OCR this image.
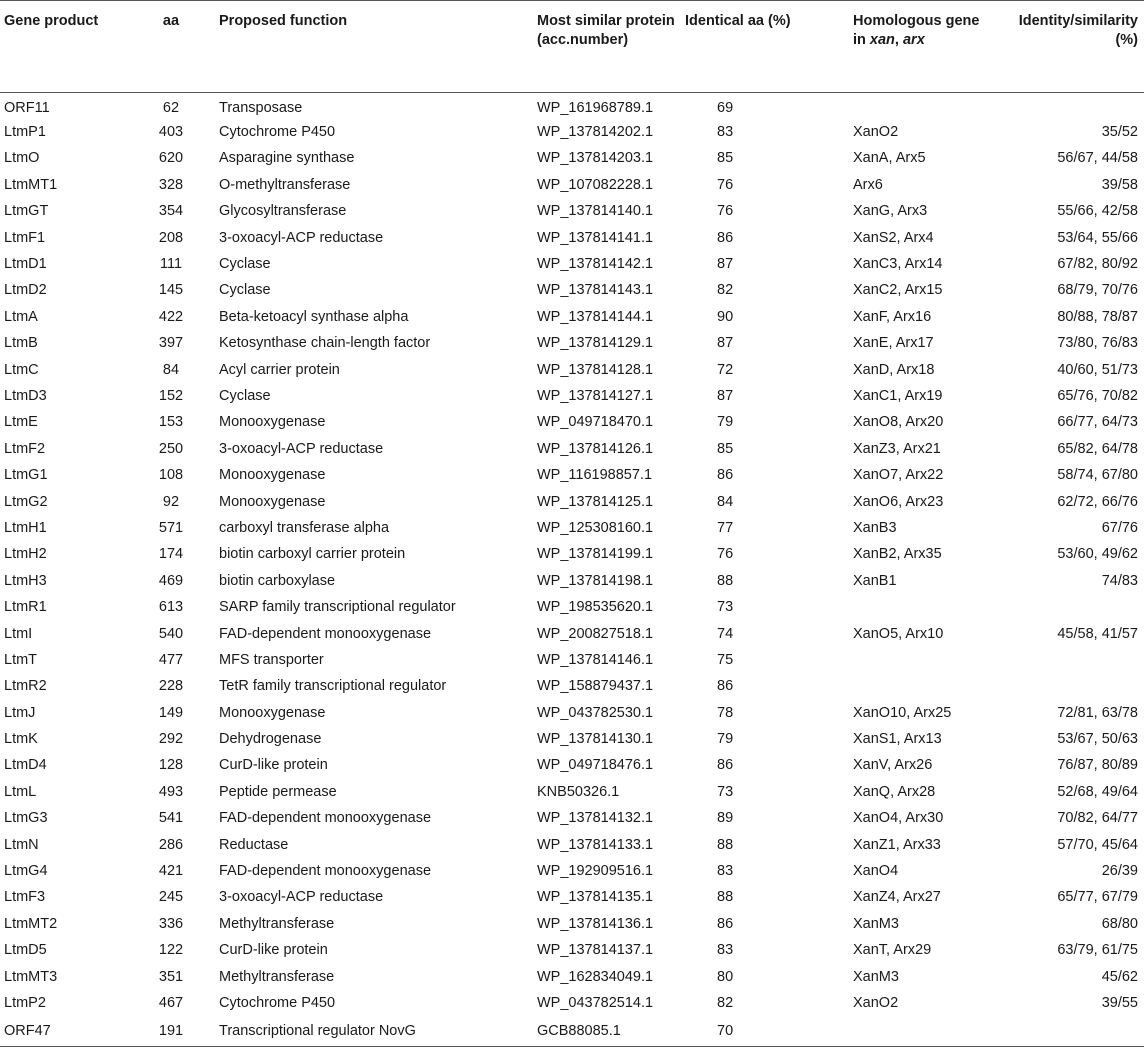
Gene product	aa	Proposed function	Most similar protein (acc.number)	Identical aa (%)	Homologous gene in xan, arx	Identity/similarity (%)
ORF11	62	Transposase	WP_161968789.1	69		
LtmP1	403	Cytochrome P450	WP_137814202.1	83	XanO2	35/52
LtmO	620	Asparagine synthase	WP_137814203.1	85	XanA, Arx5	56/67, 44/58
LtmMT1	328	O-methyltransferase	WP_107082228.1	76	Arx6	39/58
LtmGT	354	Glycosyltransferase	WP_137814140.1	76	XanG, Arx3	55/66, 42/58
LtmF1	208	3-oxoacyl-ACP reductase	WP_137814141.1	86	XanS2, Arx4	53/64, 55/66
LtmD1	111	Cyclase	WP_137814142.1	87	XanC3, Arx14	67/82, 80/92
LtmD2	145	Cyclase	WP_137814143.1	82	XanC2, Arx15	68/79, 70/76
LtmA	422	Beta-ketoacyl synthase alpha	WP_137814144.1	90	XanF, Arx16	80/88, 78/87
LtmB	397	Ketosynthase chain-length factor	WP_137814129.1	87	XanE, Arx17	73/80, 76/83
LtmC	84	Acyl carrier protein	WP_137814128.1	72	XanD, Arx18	40/60, 51/73
LtmD3	152	Cyclase	WP_137814127.1	87	XanC1, Arx19	65/76, 70/82
LtmE	153	Monooxygenase	WP_049718470.1	79	XanO8, Arx20	66/77, 64/73
LtmF2	250	3-oxoacyl-ACP reductase	WP_137814126.1	85	XanZ3, Arx21	65/82, 64/78
LtmG1	108	Monooxygenase	WP_116198857.1	86	XanO7, Arx22	58/74, 67/80
LtmG2	92	Monooxygenase	WP_137814125.1	84	XanO6, Arx23	62/72, 66/76
LtmH1	571	carboxyl transferase alpha	WP_125308160.1	77	XanB3	67/76
LtmH2	174	biotin carboxyl carrier protein	WP_137814199.1	76	XanB2, Arx35	53/60, 49/62
LtmH3	469	biotin carboxylase	WP_137814198.1	88	XanB1	74/83
LtmR1	613	SARP family transcriptional regulator	WP_198535620.1	73		
LtmI	540	FAD-dependent monooxygenase	WP_200827518.1	74	XanO5, Arx10	45/58, 41/57
LtmT	477	MFS transporter	WP_137814146.1	75		
LtmR2	228	TetR family transcriptional regulator	WP_158879437.1	86		
LtmJ	149	Monooxygenase	WP_043782530.1	78	XanO10, Arx25	72/81, 63/78
LtmK	292	Dehydrogenase	WP_137814130.1	79	XanS1, Arx13	53/67, 50/63
LtmD4	128	CurD-like protein	WP_049718476.1	86	XanV, Arx26	76/87, 80/89
LtmL	493	Peptide permease	KNB50326.1	73	XanQ, Arx28	52/68, 49/64
LtmG3	541	FAD-dependent monooxygenase	WP_137814132.1	89	XanO4, Arx30	70/82, 64/77
LtmN	286	Reductase	WP_137814133.1	88	XanZ1, Arx33	57/70, 45/64
LtmG4	421	FAD-dependent monooxygenase	WP_192909516.1	83	XanO4	26/39
LtmF3	245	3-oxoacyl-ACP reductase	WP_137814135.1	88	XanZ4, Arx27	65/77, 67/79
LtmMT2	336	Methyltransferase	WP_137814136.1	86	XanM3	68/80
LtmD5	122	CurD-like protein	WP_137814137.1	83	XanT, Arx29	63/79, 61/75
LtmMT3	351	Methyltransferase	WP_162834049.1	80	XanM3	45/62
LtmP2	467	Cytochrome P450	WP_043782514.1	82	XanO2	39/55
ORF47	191	Transcriptional regulator NovG	GCB88085.1	70		
